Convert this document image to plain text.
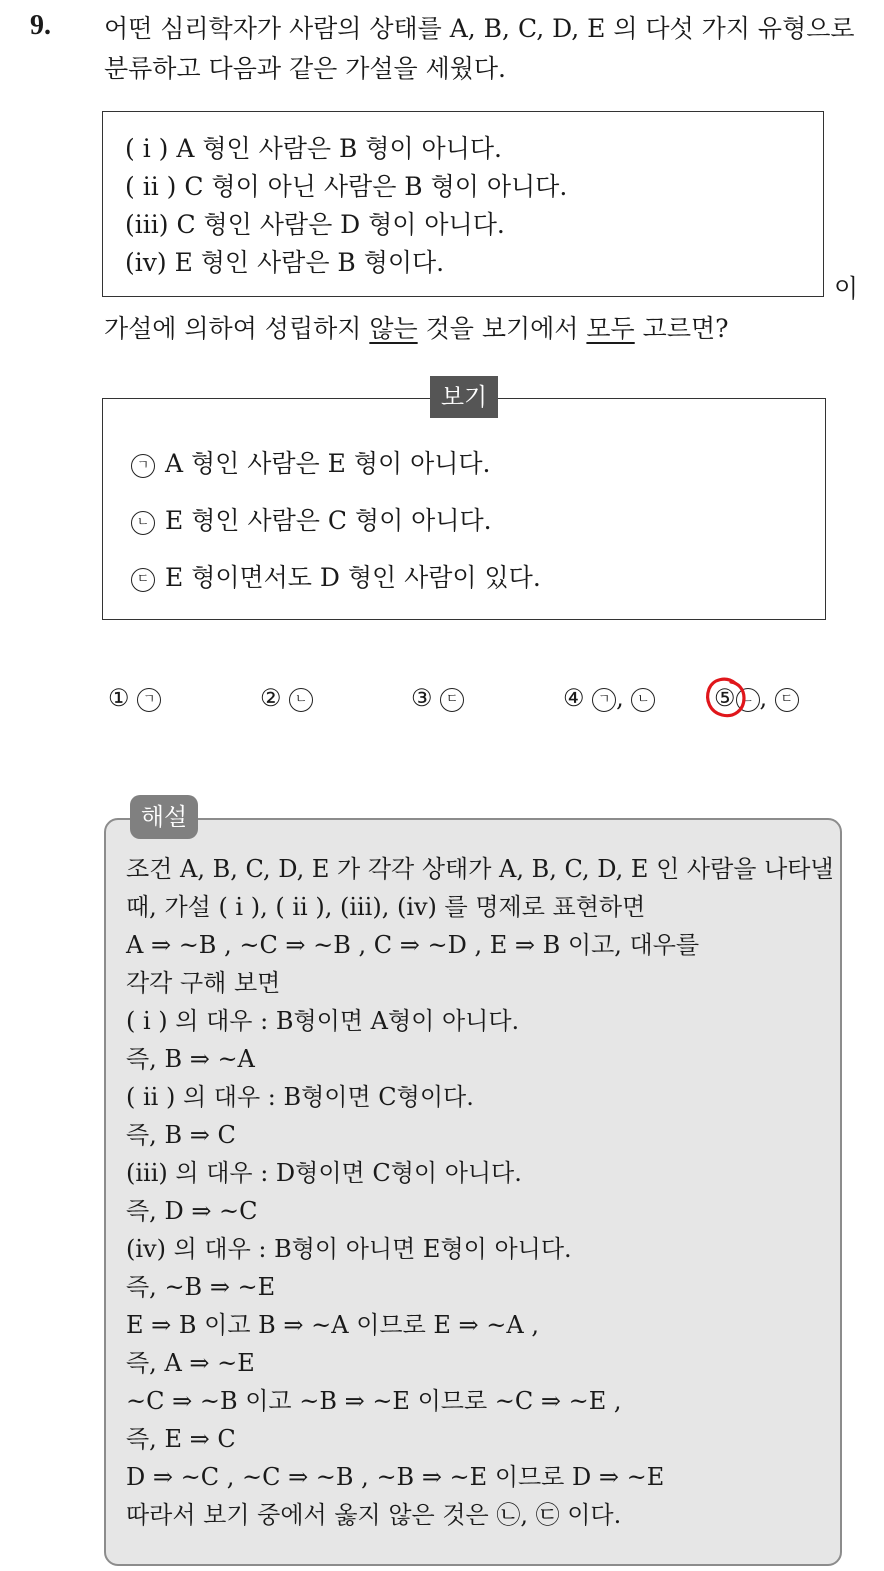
9. 어떤 심리학자가 사람의 상태를 A, B, C, D, E 의 다섯 가지 유형으로
분류하고 다음과 같은 가설을 세웠다.
( i ) A 형인 사람은 B 형이 아니다.
( ii ) C 형이 아닌 사람은 B 형이 아니다.
(iii) C 형인 사람은 D 형이 아니다.
(iv) E 형인 사람은 B 형이다.
이
가설에 의하여 성립하지 않는 것을 보기에서 모두 고르면?
ㄱ A 형인 사람은 E 형이 아니다.
ㄴ E 형인 사람은 C 형이 아니다.
ㄷ E 형이면서도 D 형인 사람이 있다.
보기
① ㄱ	② ㄴ	③ ㄷ	④ ㄱ , ㄴ	⑤ ㄴ , ㄷ
해설
조건 A, B, C, D, E 가 각각 상태가 A, B, C, D, E 인 사람을 나타낼
때, 가설 ( i ), ( ii ), (iii), (iv) 를 명제로 표현하면
A ⇒ ~B , ~C ⇒ ~B , C ⇒ ~D , E ⇒ B 이고, 대우를
각각 구해 보면
( i ) 의 대우 : B형이면 A형이 아니다.
즉, B ⇒ ~A
( ii ) 의 대우 : B형이면 C형이다.
즉, B ⇒ C
(iii) 의 대우 : D형이면 C형이 아니다.
즉, D ⇒ ~C
(iv) 의 대우 : B형이 아니면 E형이 아니다.
즉, ~B ⇒ ~E
E ⇒ B 이고 B ⇒ ~A 이므로 E ⇒ ~A ,
즉, A ⇒ ~E
~C ⇒ ~B 이고 ~B ⇒ ~E 이므로 ~C ⇒ ~E ,
즉, E ⇒ C
D ⇒ ~C , ~C ⇒ ~B , ~B ⇒ ~E 이므로 D ⇒ ~E
따라서 보기 중에서 옳지 않은 것은 ㉡, ㉢ 이다.
